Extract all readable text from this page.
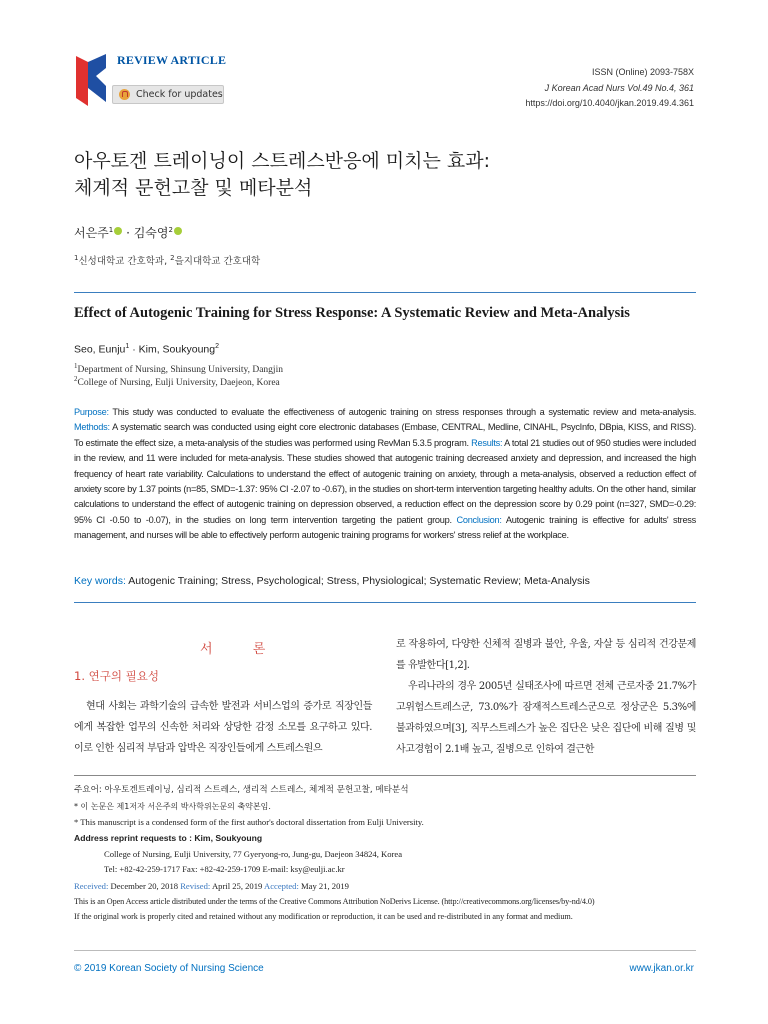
REVIEW ARTICLE
Check for updates
ISSN (Online) 2093-758X
J Korean Acad Nurs Vol.49 No.4, 361
https://doi.org/10.4040/jkan.2019.49.4.361
아우토겐 트레이닝이 스트레스반응에 미치는 효과:
체계적 문헌고찰 및 메타분석
서은주$^1$ · 김숙영$^2$
$^1$신성대학교 간호학과, $^2$을지대학교 간호대학
Effect of Autogenic Training for Stress Response: A Systematic Review and Meta-Analysis
Seo, Eunju$^1$ · Kim, Soukyoung$^2$
$^1$Department of Nursing, Shinsung University, Dangjin
$^2$College of Nursing, Eulji University, Daejeon, Korea
Purpose: This study was conducted to evaluate the effectiveness of autogenic training on stress responses through a systematic review and meta-analysis. Methods: A systematic search was conducted using eight core electronic databases (Embase, CENTRAL, Medline, CINAHL, PsycInfo, DBpia, KISS, and RISS). To estimate the effect size, a meta-analysis of the studies was performed using RevMan 5.3.5 program. Results: A total 21 studies out of 950 studies were included in the review, and 11 were included for meta-analysis. These studies showed that autogenic training decreased anxiety and depression, and increased the high frequency of heart rate variability. Calculations to understand the effect of autogenic training on anxiety, through a meta-analysis, observed a reduction effect of anxiety score by 1.37 points (n=85, SMD=-1.37: 95% CI -2.07 to -0.67), in the studies on short-term intervention targeting healthy adults. On the other hand, similar calculations to understand the effect of autogenic training on depression observed, a reduction effect on the depression score by 0.29 point (n=327, SMD=-0.29: 95% CI -0.50 to -0.07), in the studies on long term intervention targeting the patient group. Conclusion: Autogenic training is effective for adults' stress management, and nurses will be able to effectively perform autogenic training programs for workers' stress relief at the workplace.
Key words: Autogenic Training; Stress, Psychological; Stress, Physiological; Systematic Review; Meta-Analysis
서 론
1. 연구의 필요성

현대 사회는 과학기술의 급속한 발전과 서비스업의 증가로 직장인들에게 복잡한 업무의 신속한 처리와 상당한 감정 소모를 요구하고 있다. 이로 인한 심리적 부담과 압박은 직장인들에게 스트레스원으

로 작용하여, 다양한 신체적 질병과 불안, 우울, 자살 등 심리적 건강문제를 유발한다[1,2].

우리나라의 경우 2005년 실태조사에 따르면 전체 근로자중 21.7%가 고위험스트레스군, 73.0%가 잠재적스트레스군으로 정상군은 5.3%에 불과하였으며[3], 직무스트레스가 높은 집단은 낮은 집단에 비해 질병 및 사고경험이 2.1배 높고, 질병으로 인하여 결근한

주요어: 아우토겐트레이닝, 심리적 스트레스, 생리적 스트레스, 체계적 문헌고찰, 메타분석
* 이 논문은 제1저자 서은주의 박사학위논문의 축약본임.
* This manuscript is a condensed form of the first author's doctoral dissertation from Eulji University.
Address reprint requests to : Kim, Soukyoung
College of Nursing, Eulji University, 77 Gyeryong-ro, Jung-gu, Daejeon 34824, Korea
Tel: +82-42-259-1717 Fax: +82-42-259-1709 E-mail: ksy@eulji.ac.kr
Received: December 20, 2018 Revised: April 25, 2019 Accepted: May 21, 2019
This is an Open Access article distributed under the terms of the Creative Commons Attribution NoDerivs License. (http://creativecommons.org/licenses/by-nd/4.0)
If the original work is properly cited and retained without any modification or reproduction, it can be used and re-distributed in any format and medium.
© 2019 Korean Society of Nursing Science	www.jkan.or.kr
